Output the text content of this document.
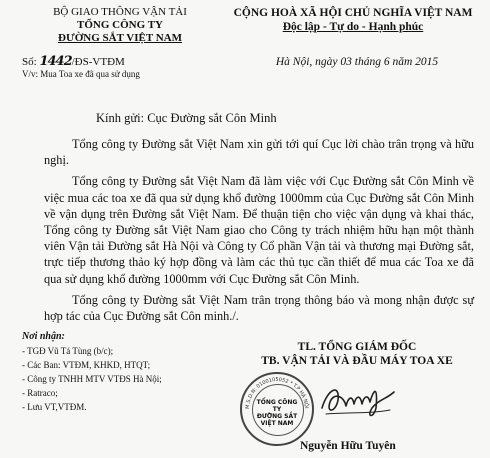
BỘ GIAO THÔNG VẬN TẢI
TỔNG CÔNG TY
ĐƯỜNG SẮT VIỆT NAM
CỘNG HOÀ XÃ HỘI CHỦ NGHĨA VIỆT NAM
Độc lập - Tự do - Hạnh phúc
Số: 1442/ĐS-VTĐM
V/v: Mua Toa xe đã qua sử dụng
Hà Nội, ngày 03 tháng 6 năm 2015
Kính gửi: Cục Đường sắt Côn Minh

Tổng công ty Đường sắt Việt Nam xin gửi tới quí Cục lời chào trân trọng và hữu nghị.

Tổng công ty Đường sắt Việt Nam đã làm việc với Cục Đường sắt Côn Minh về việc mua các toa xe đã qua sử dụng khổ đường 1000mm của Cục Đường sắt Côn Minh về vận dụng trên Đường sắt Việt Nam. Để thuận tiện cho việc vận dụng và khai thác, Tổng công ty Đường sắt Việt Nam giao cho Công ty trách nhiệm hữu hạn một thành viên Vận tải Đường sắt Hà Nội và Công ty Cổ phần Vận tải và thương mại Đường sắt, trực tiếp thương thảo ký hợp đồng và làm các thủ tục cần thiết để mua các Toa xe đã qua sử dụng khổ đường 1000mm với Cục Đường sắt Côn Minh.

Tổng công ty Đường sắt Việt Nam trân trọng thông báo và mong nhận được sự hợp tác của Cục Đường sắt Côn minh./.

Nơi nhận:
- TGĐ Vũ Tá Tùng (b/c);
- Các Ban: VTĐM, KHKD, HTQT;
- Công ty TNHH MTV VTĐS Hà Nội;
- Ratraco;
- Lưu VT,VTĐM.
TL. TỔNG GIÁM ĐỐC
TB. VẬN TẢI VÀ ĐẦU MÁY TOA XE
M.S.D.N: 0100105052 * T.P HÀ NỘI
TỔNG CÔNG TY
ĐƯỜNG SẮT
VIỆT NAM
Nguyễn Hữu Tuyên
